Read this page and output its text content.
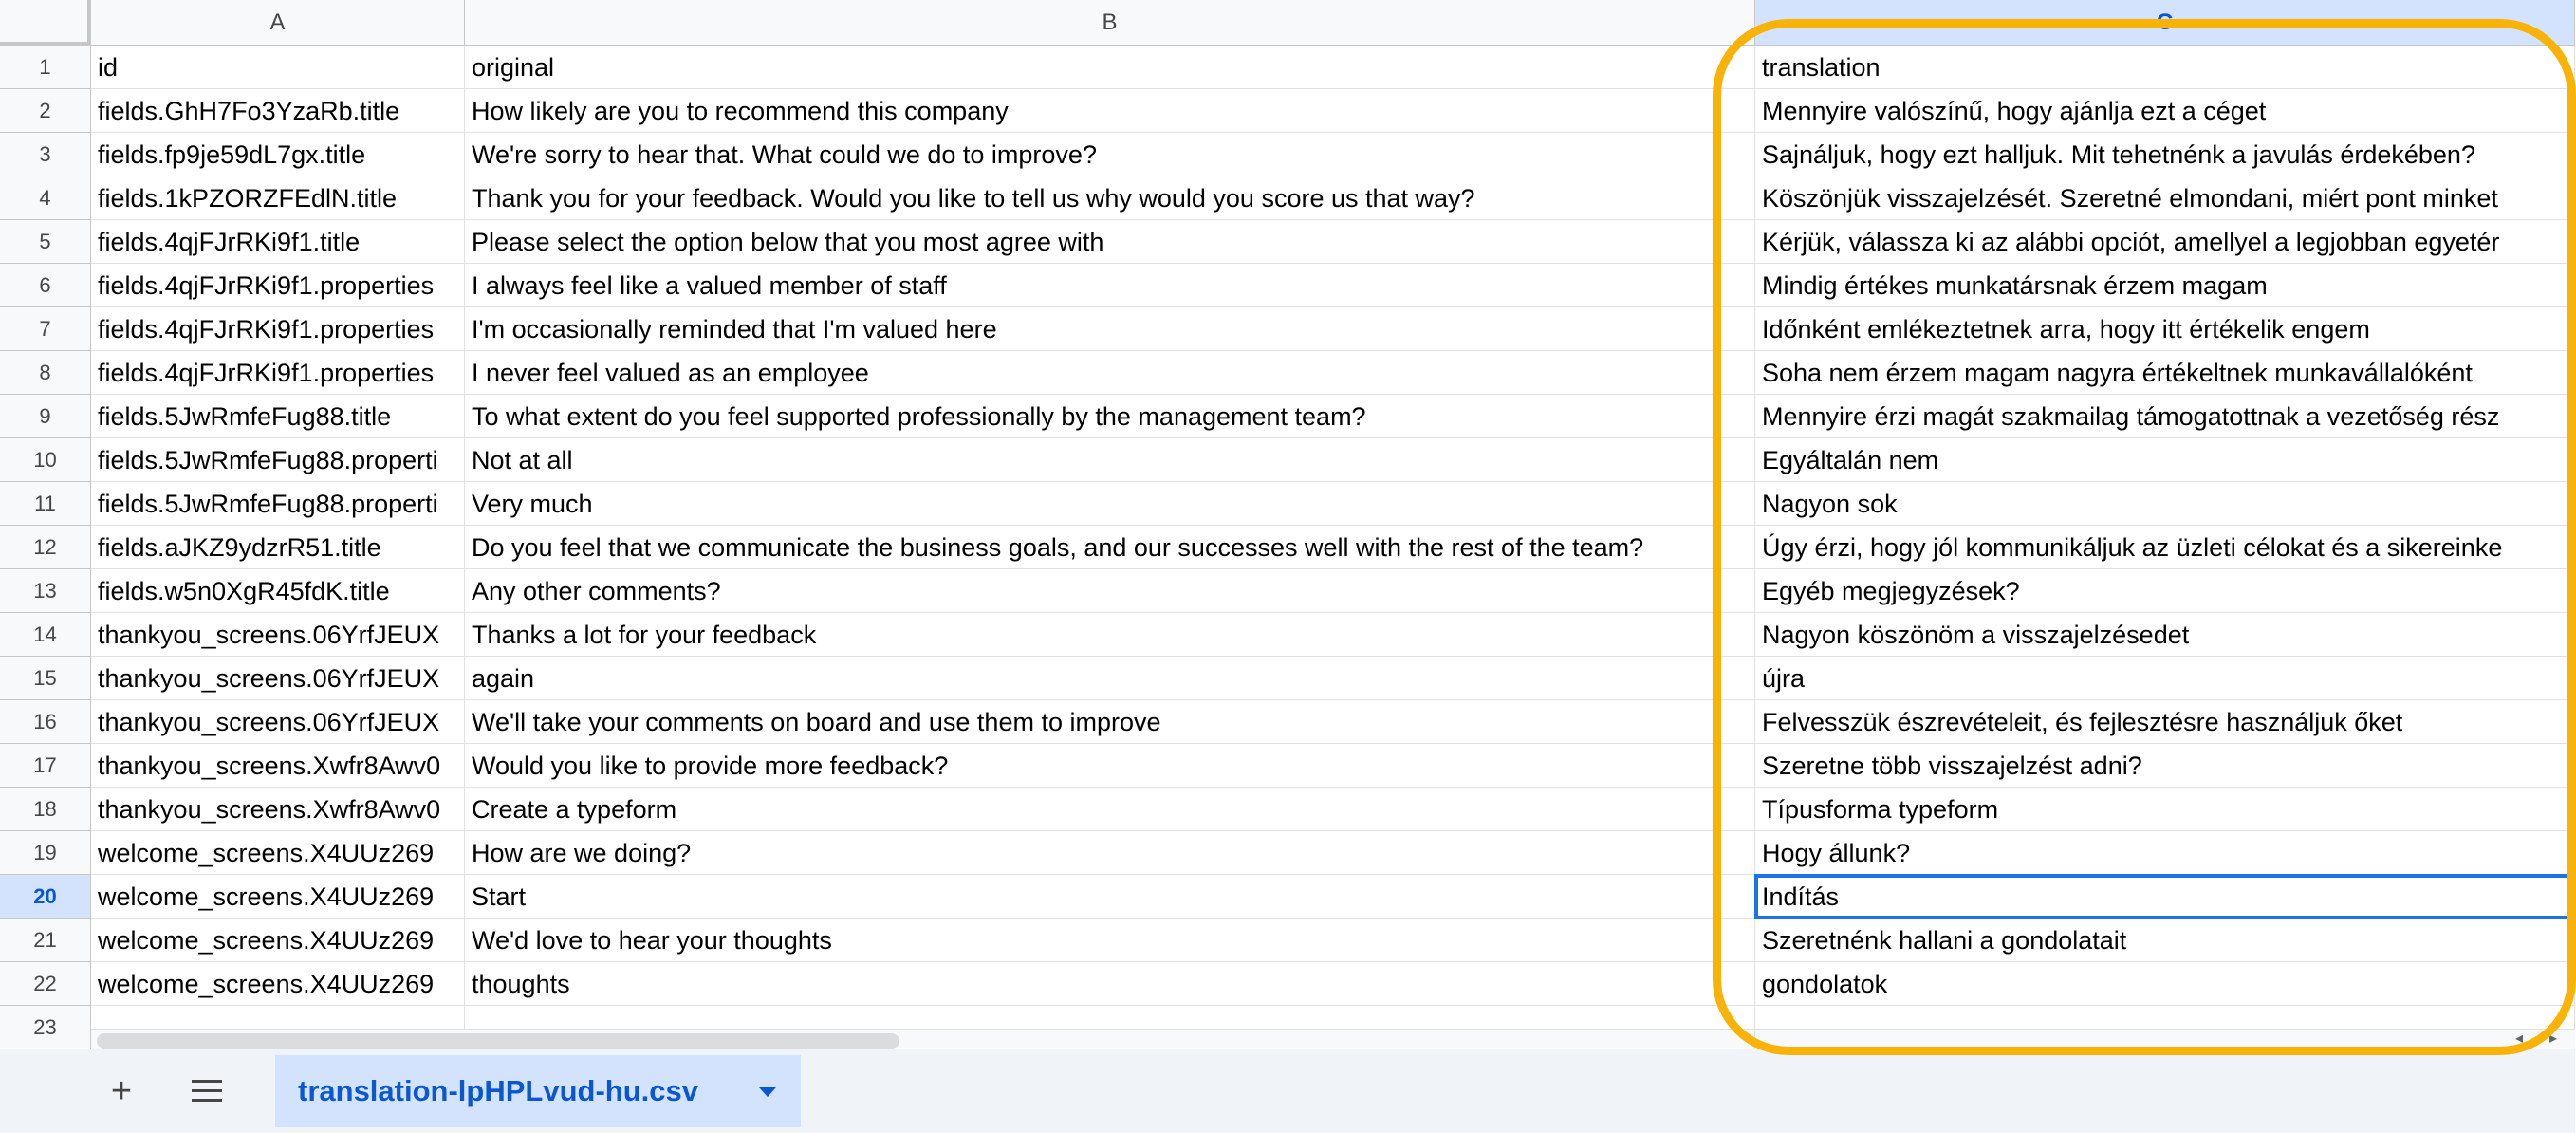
A	B	C
1	id	original	translation
2	fields.GhH7Fo3YzaRb.title	How likely are you to recommend this company	Mennyire valószínű, hogy ajánlja ezt a céget
3	fields.fp9je59dL7gx.title	We're sorry to hear that. What could we do to improve?	Sajnáljuk, hogy ezt halljuk. Mit tehetnénk a javulás érdekében?
4	fields.1kPZORZFEdlN.title	Thank you for your feedback. Would you like to tell us why would you score us that way?	Köszönjük visszajelzését. Szeretné elmondani, miért pont minket
5	fields.4qjFJrRKi9f1.title	Please select the option below that you most agree with	Kérjük, válassza ki az alábbi opciót, amellyel a legjobban egyetér
6	fields.4qjFJrRKi9f1.properties	I always feel like a valued member of staff	Mindig értékes munkatársnak érzem magam
7	fields.4qjFJrRKi9f1.properties	I'm occasionally reminded that I'm valued here	Időnként emlékeztetnek arra, hogy itt értékelik engem
8	fields.4qjFJrRKi9f1.properties	I never feel valued as an employee	Soha nem érzem magam nagyra értékeltnek munkavállalóként
9	fields.5JwRmfeFug88.title	To what extent do you feel supported professionally by the management team?	Mennyire érzi magát szakmailag támogatottnak a vezetőség rész
10	fields.5JwRmfeFug88.properti	Not at all	Egyáltalán nem
11	fields.5JwRmfeFug88.properti	Very much	Nagyon sok
12	fields.aJKZ9ydzrR51.title	Do you feel that we communicate the business goals, and our successes well with the rest of the team?	Úgy érzi, hogy jól kommunikáljuk az üzleti célokat és a sikereinke
13	fields.w5n0XgR45fdK.title	Any other comments?	Egyéb megjegyzések?
14	thankyou_screens.06YrfJEUX	Thanks a lot for your feedback	Nagyon köszönöm a visszajelzésedet
15	thankyou_screens.06YrfJEUX	again	újra
16	thankyou_screens.06YrfJEUX	We'll take your comments on board and use them to improve	Felvesszük észrevételeit, és fejlesztésre használjuk őket
17	thankyou_screens.Xwfr8Awv0	Would you like to provide more feedback?	Szeretne több visszajelzést adni?
18	thankyou_screens.Xwfr8Awv0	Create a typeform	Típusforma typeform
19	welcome_screens.X4UUz269	How are we doing?	Hogy állunk?
20	welcome_screens.X4UUz269	Start	Indítás
21	welcome_screens.X4UUz269	We'd love to hear your thoughts	Szeretnénk hallani a gondolatait
22	welcome_screens.X4UUz269	thoughts	gondolatok
23	◂	▸
+	translation-lpHPLvud-hu.csv
